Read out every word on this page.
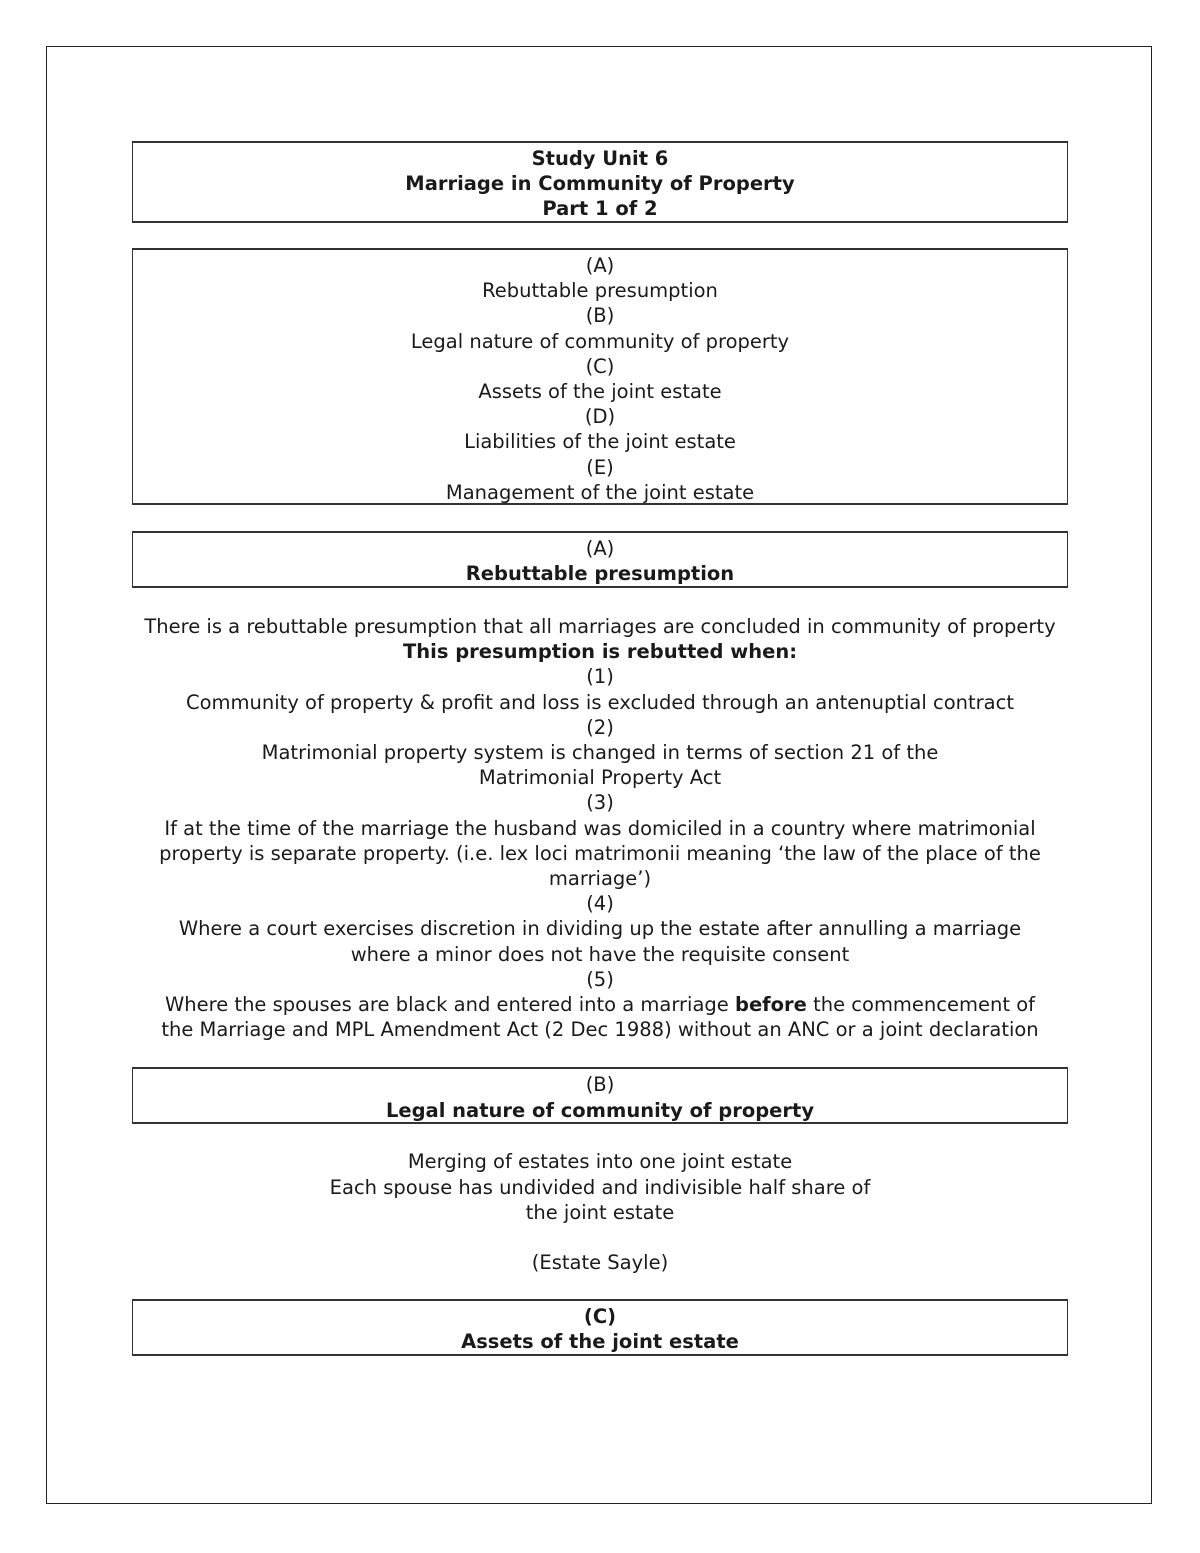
Study Unit 6
Marriage in Community of Property
Part 1 of 2
(A)
Rebuttable presumption
(B)
Legal nature of community of property
(C)
Assets of the joint estate
(D)
Liabilities of the joint estate
(E)
Management of the joint estate
(A)
Rebuttable presumption
There is a rebuttable presumption that all marriages are concluded in community of property
This presumption is rebutted when:
(1)
Community of property & profit and loss is excluded through an antenuptial contract
(2)
Matrimonial property system is changed in terms of section 21 of the Matrimonial Property Act
(3)
If at the time of the marriage the husband was domiciled in a country where matrimonial property is separate property. (i.e. lex loci matrimonii meaning ‘the law of the place of the marriage’)
(4)
Where a court exercises discretion in dividing up the estate after annulling a marriage where a minor does not have the requisite consent
(5)
Where the spouses are black and entered into a marriage before the commencement of the Marriage and MPL Amendment Act (2 Dec 1988) without an ANC or a joint declaration
(B)
Legal nature of community of property
Merging of estates into one joint estate
Each spouse has undivided and indivisible half share of
the joint estate
(Estate Sayle)
(C)
Assets of the joint estate
